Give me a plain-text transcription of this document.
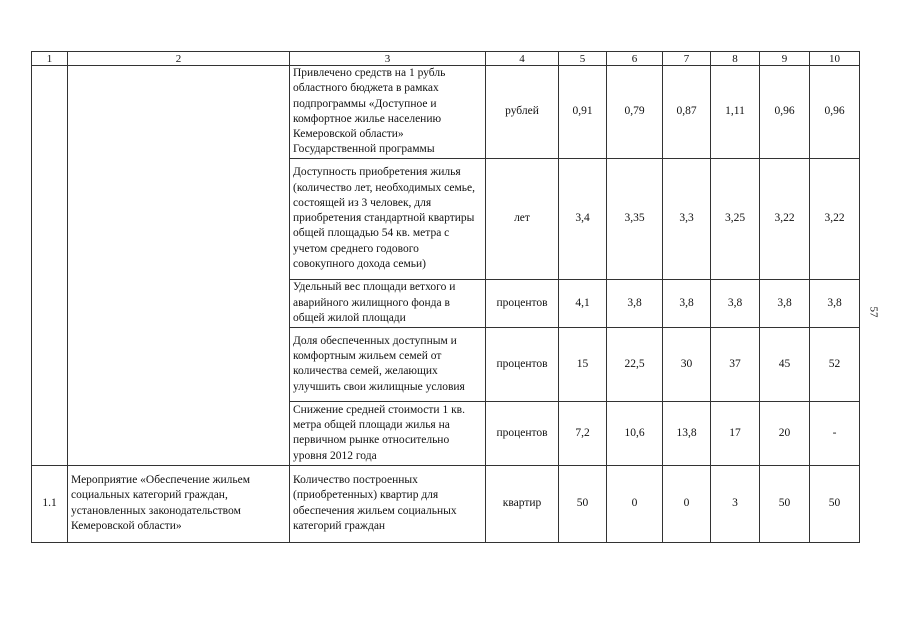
1	2	3	4	5	6	7	8	9	10
		Привлечено средств на 1 рубль областного бюджета в рамках подпрограммы «Доступное и комфортное жилье населению Кемеровской области» Государственной программы	рублей	0,91	0,79	0,87	1,11	0,96	0,96
		Доступность приобретения жилья (количество лет, необходимых семье, состоящей из 3 человек, для приобретения стандартной квартиры общей площадью 54 кв. метра с учетом среднего годового совокупного дохода семьи)	лет	3,4	3,35	3,3	3,25	3,22	3,22
		Удельный вес площади ветхого и аварийного жилищного фонда в общей жилой площади	процентов	4,1	3,8	3,8	3,8	3,8	3,8
		Доля обеспеченных доступным и комфортным жильем семей от количества семей, желающих улучшить свои жилищные условия	процентов	15	22,5	30	37	45	52
		Снижение средней стоимости 1 кв. метра общей площади жилья на первичном рынке относительно уровня 2012 года	процентов	7,2	10,6	13,8	17	20	-
1.1	Мероприятие «Обеспечение жильем социальных категорий граждан, установленных законодательством Кемеровской области»	Количество построенных (приобретенных) квартир для обеспечения жильем социальных категорий граждан	квартир	50	0	0	3	50	50
57
